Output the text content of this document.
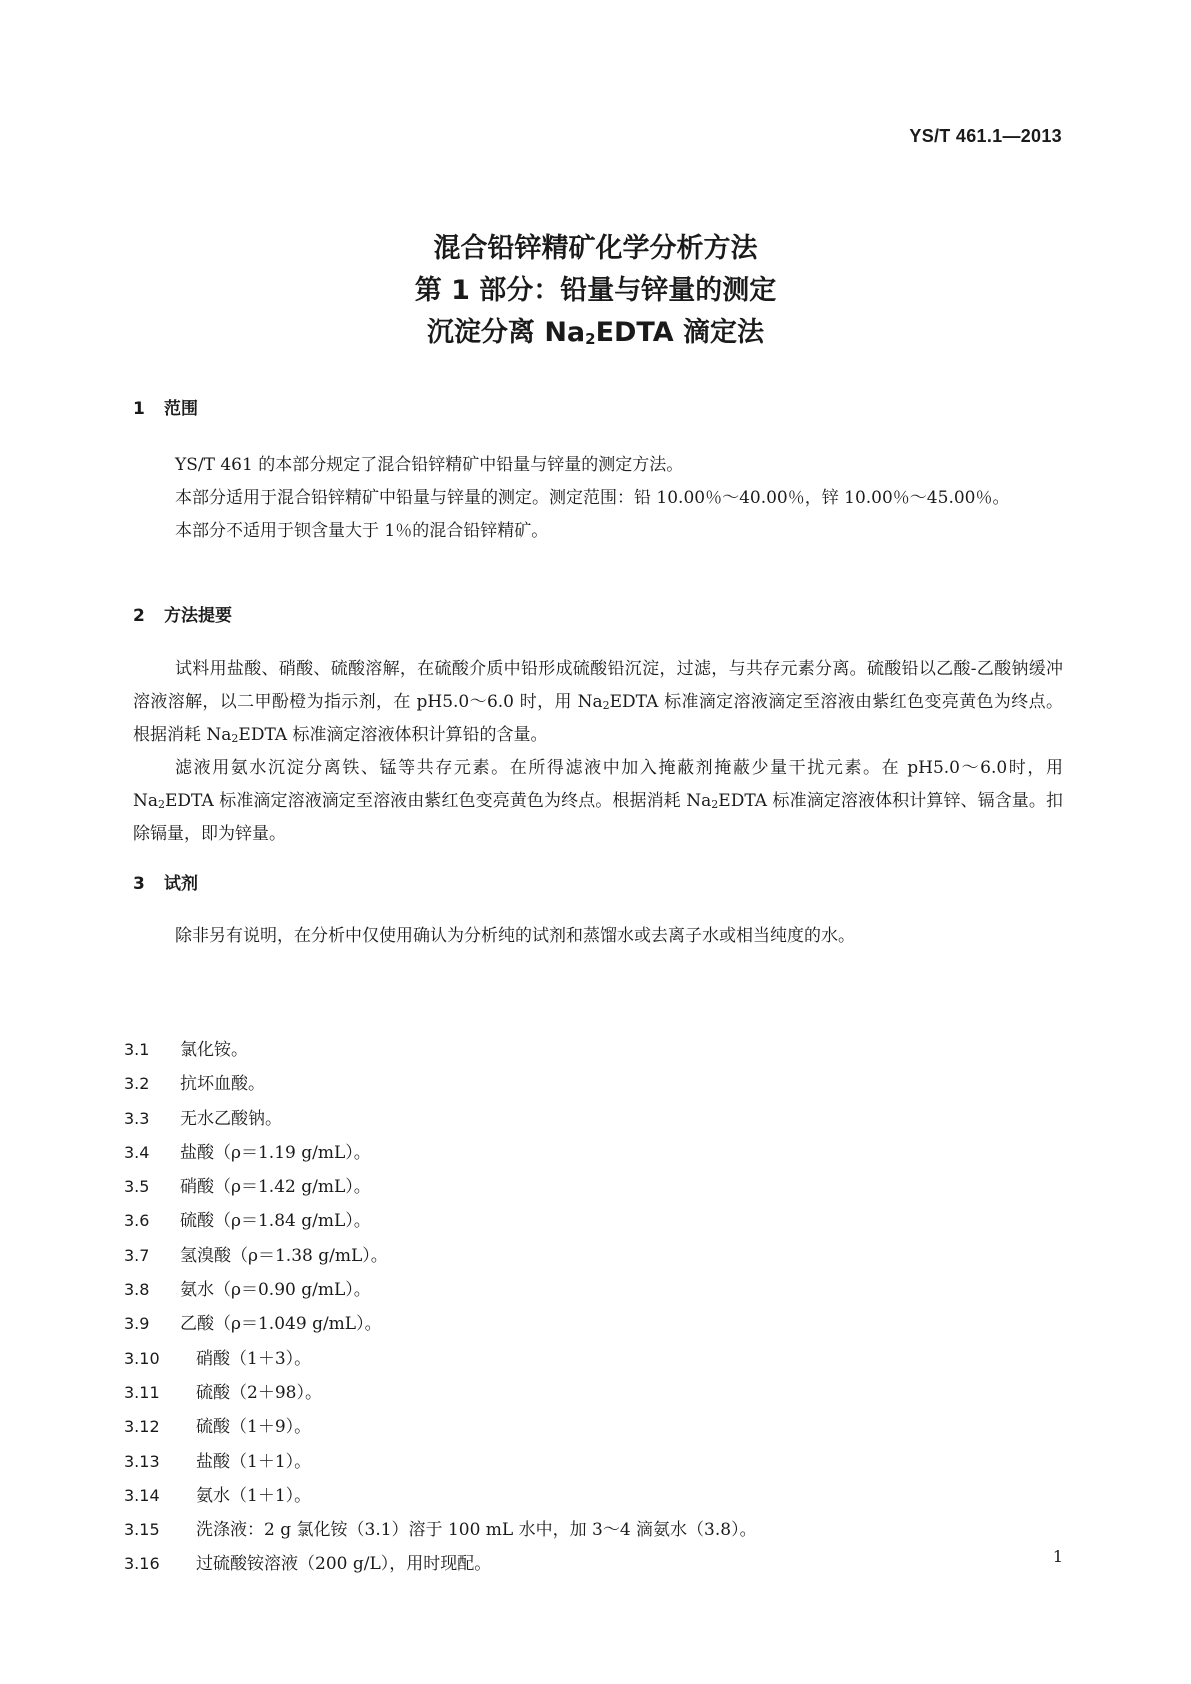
YS/T 461.1—2013
混合铅锌精矿化学分析方法
第 1 部分：铅量与锌量的测定
沉淀分离 $Na_2EDTA$ 滴定法
1 范围

YS/T 461 的本部分规定了混合铅锌精矿中铅量与锌量的测定方法。

本部分适用于混合铅锌精矿中铅量与锌量的测定。测定范围：铅 10.00％～40.00％，锌 10.00％～45.00％。

本部分不适用于钡含量大于 1％的混合铅锌精矿。

2 方法提要

试料用盐酸、硝酸、硫酸溶解，在硫酸介质中铅形成硫酸铅沉淀，过滤，与共存元素分离。硫酸铅以乙酸-乙酸钠缓冲溶液溶解，以二甲酚橙为指示剂，在 pH5.0～6.0 时，用 $Na_2EDTA$ 标准滴定溶液滴定至溶液由紫红色变亮黄色为终点。根据消耗 $Na_2EDTA$ 标准滴定溶液体积计算铅的含量。

滤液用氨水沉淀分离铁、锰等共存元素。在所得滤液中加入掩蔽剂掩蔽少量干扰元素。在 pH5.0～6.0时，用 $Na_2EDTA$ 标准滴定溶液滴定至溶液由紫红色变亮黄色为终点。根据消耗 $Na_2EDTA$ 标准滴定溶液体积计算锌、镉含量。扣除镉量，即为锌量。

3 试剂

除非另有说明，在分析中仅使用确认为分析纯的试剂和蒸馏水或去离子水或相当纯度的水。

3.1 氯化铵。
3.2 抗坏血酸。
3.3 无水乙酸钠。
3.4 盐酸（ρ＝1.19 g/mL）。
3.5 硝酸（ρ＝1.42 g/mL）。
3.6 硫酸（ρ＝1.84 g/mL）。
3.7 氢溴酸（ρ＝1.38 g/mL）。
3.8 氨水（ρ＝0.90 g/mL）。
3.9 乙酸（ρ＝1.049 g/mL）。
3.10 硝酸（1＋3）。
3.11 硫酸（2＋98）。
3.12 硫酸（1＋9）。
3.13 盐酸（1＋1）。
3.14 氨水（1＋1）。
3.15 洗涤液：2 g 氯化铵（3.1）溶于 100 mL 水中，加 3～4 滴氨水（3.8）。
3.16 过硫酸铵溶液（200 g/L），用时现配。	1
